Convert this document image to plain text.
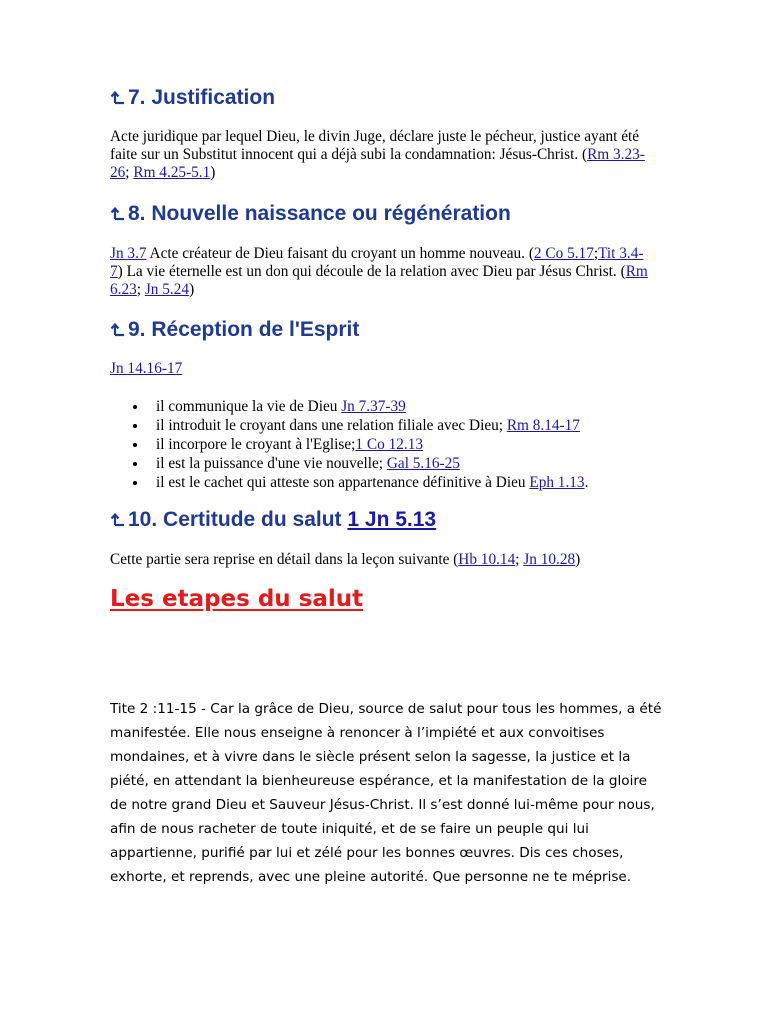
7. Justification

Acte juridique par lequel Dieu, le divin Juge, déclare juste le pécheur, justice ayant été faite sur un Substitut innocent qui a déjà subi la condamnation: Jésus-Christ. (Rm 3.23-26; Rm 4.25-5.1)

8. Nouvelle naissance ou régénération

Jn 3.7 Acte créateur de Dieu faisant du croyant un homme nouveau. (2 Co 5.17;Tit 3.4-7) La vie éternelle est un don qui découle de la relation avec Dieu par Jésus Christ. (Rm 6.23; Jn 5.24)

9. Réception de l'Esprit

Jn 14.16-17

il communique la vie de Dieu Jn 7.37-39
il introduit le croyant dans une relation filiale avec Dieu; Rm 8.14-17
il incorpore le croyant à l'Eglise;1 Co 12.13
il est la puissance d'une vie nouvelle; Gal 5.16-25
il est le cachet qui atteste son appartenance définitive à Dieu Eph 1.13.
10. Certitude du salut 1 Jn 5.13

Cette partie sera reprise en détail dans la leçon suivante (Hb 10.14; Jn 10.28)

Les etapes du salut

Tite 2 :11-15 - Car la grâce de Dieu, source de salut pour tous les hommes, a été manifestée. Elle nous enseigne à renoncer à l’impiété et aux convoitises mondaines, et à vivre dans le siècle présent selon la sagesse, la justice et la piété, en attendant la bienheureuse espérance, et la manifestation de la gloire de notre grand Dieu et Sauveur Jésus-Christ. Il s’est donné lui-même pour nous, afin de nous racheter de toute iniquité, et de se faire un peuple qui lui appartienne, purifié par lui et zélé pour les bonnes œuvres. Dis ces choses, exhorte, et reprends, avec une pleine autorité. Que personne ne te méprise.
